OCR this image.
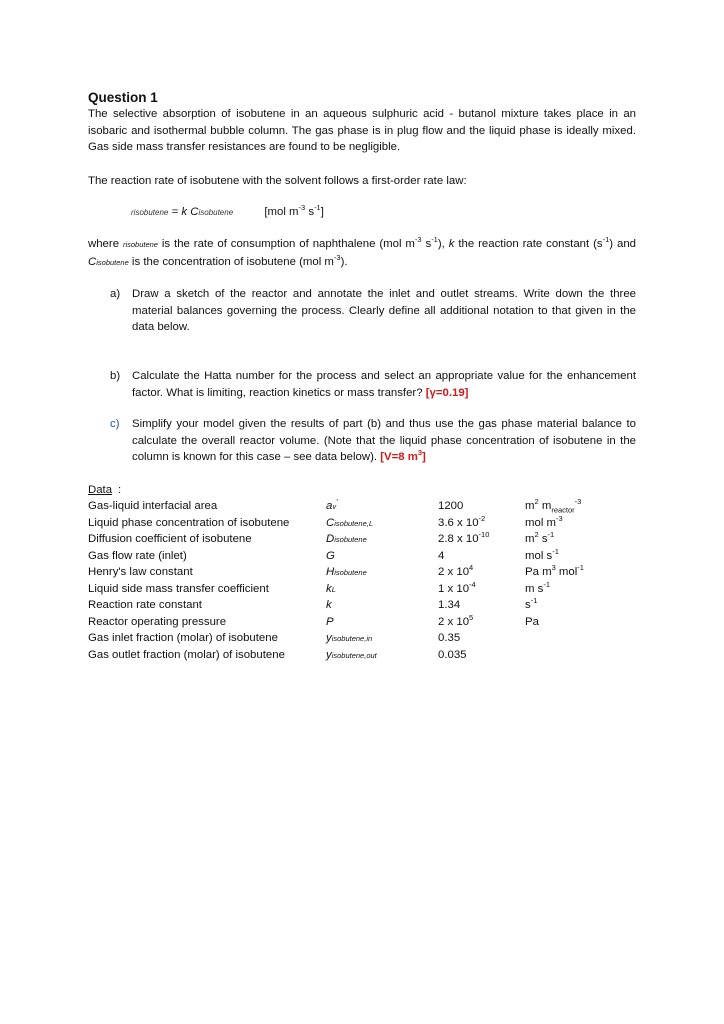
Question 1
The selective absorption of isobutene in an aqueous sulphuric acid - butanol mixture takes place in an isobaric and isothermal bubble column. The gas phase is in plug flow and the liquid phase is ideally mixed. Gas side mass transfer resistances are found to be negligible.
The reaction rate of isobutene with the solvent follows a first-order rate law:
risobutene = k Cisobutene	[mol $m^{-3}$ $s^{-1}$]
where risobutene is the rate of consumption of naphthalene (mol $m^{-3}$ $s^{-1}$), k the reaction rate constant $(s^{-1})$ and Cisobutene is the concentration of isobutene (mol $m^{-3}$).
a) Draw a sketch of the reactor and annotate the inlet and outlet streams. Write down the three material balances governing the process. Clearly define all additional notation to that given in the data below.
b) Calculate the Hatta number for the process and select an appropriate value for the enhancement factor. What is limiting, reaction kinetics or mass transfer? [γ=0.19]
c) Simplify your model given the results of part (b) and thus use the gas phase material balance to calculate the overall reactor volume. (Note that the liquid phase concentration of isobutene in the column is known for this case – see data below). [V=8 $m^3$]
Data :
Gas-liquid interfacial area	av′	1200	$m^2$ $m_{reactor}^{-3}$
Liquid phase concentration of isobutene	Cisobutene,L	3.6 x $10^{-2}$	mol $m^{-3}$
Diffusion coefficient of isobutene	Disobutene	2.8 x $10^{-10}$	$m^2$ $s^{-1}$
Gas flow rate (inlet)	G	4	mol $s^{-1}$
Henry's law constant	Hisobutene	2 x $10^4$	Pa $m^3$ mol$^{-1}$
Liquid side mass transfer coefficient	kL	1 x $10^{-4}$	m $s^{-1}$
Reaction rate constant	k	1.34	$s^{-1}$
Reactor operating pressure	P	2 x $10^5$	Pa
Gas inlet fraction (molar) of isobutene	yisobutene,in	0.35
Gas outlet fraction (molar) of isobutene	yisobutene,out	0.035
